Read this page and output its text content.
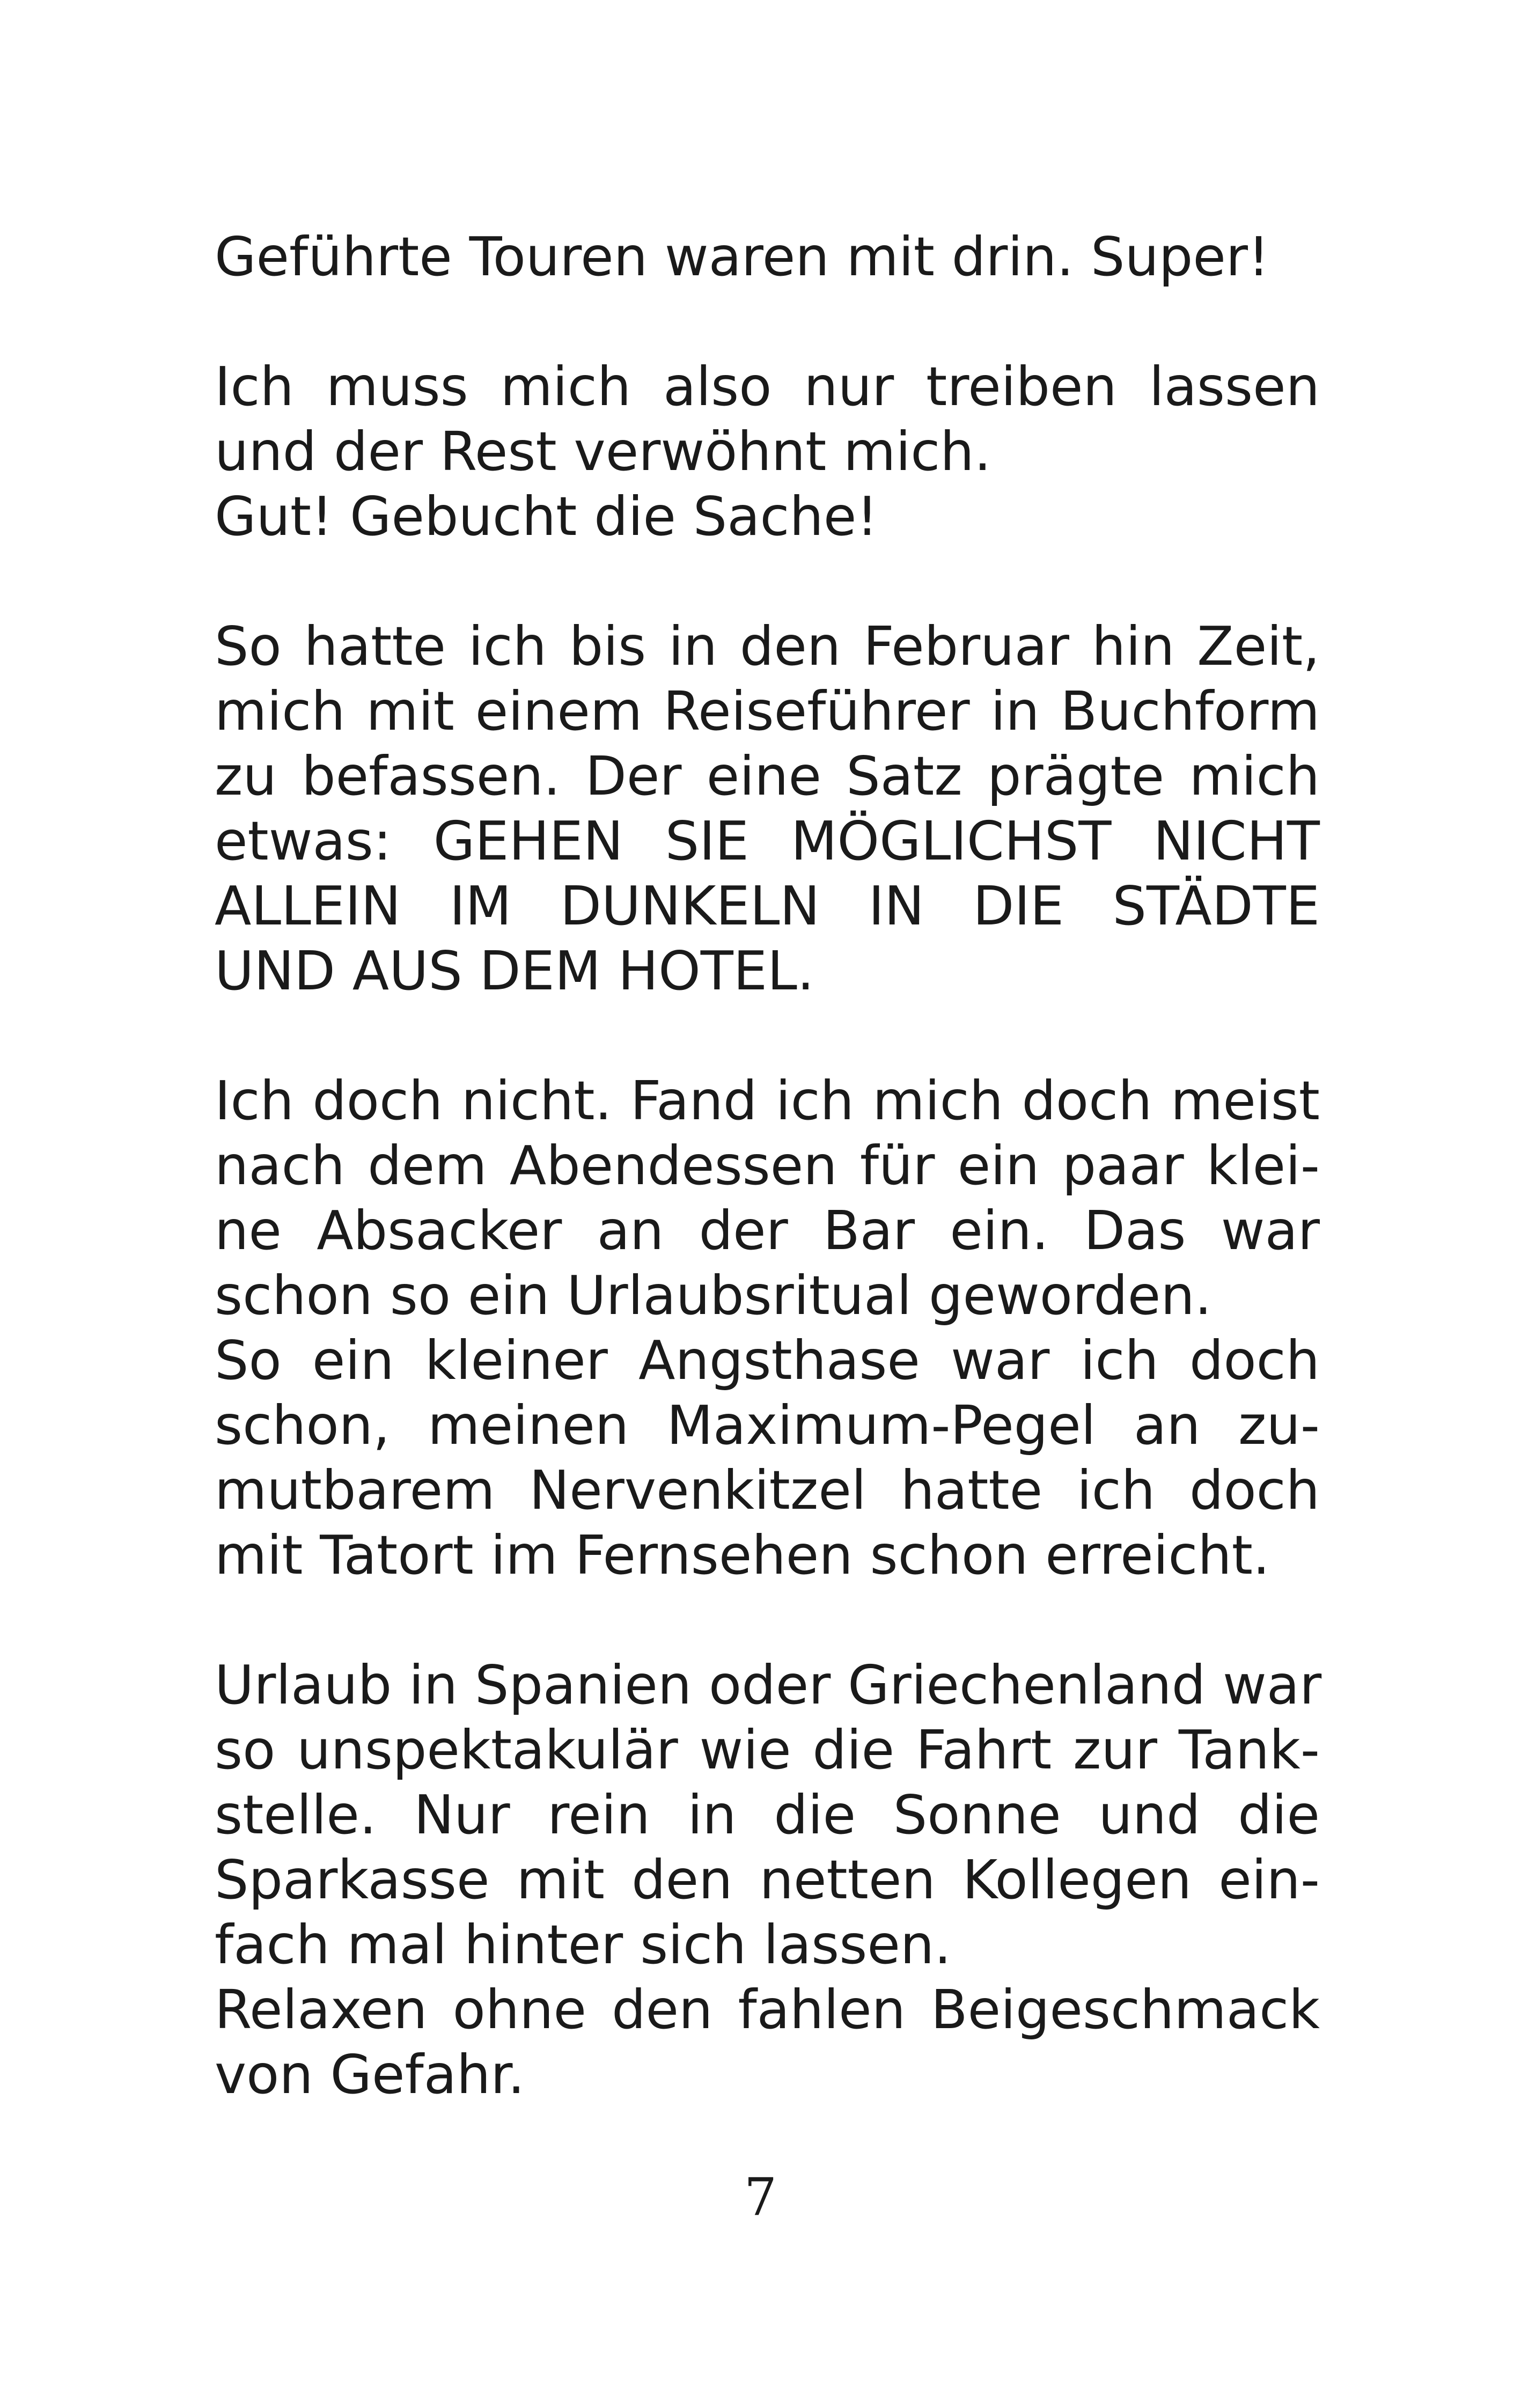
Geführte Touren waren mit drin. Super!
Ich muss mich also nur treiben lassen
und der Rest verwöhnt mich.
Gut! Gebucht die Sache!
So hatte ich bis in den Februar hin Zeit,
mich mit einem Reiseführer in Buchform
zu befassen. Der eine Satz prägte mich
etwas: GEHEN SIE MÖGLICHST NICHT
ALLEIN IM DUNKELN IN DIE STÄDTE
UND AUS DEM HOTEL.
Ich doch nicht. Fand ich mich doch meist
nach dem Abendessen für ein paar klei-
ne Absacker an der Bar ein. Das war
schon so ein Urlaubsritual geworden.
So ein kleiner Angsthase war ich doch
schon, meinen Maximum-Pegel an zu-
mutbarem Nervenkitzel hatte ich doch
mit Tatort im Fernsehen schon erreicht.
Urlaub in Spanien oder Griechenland war
so unspektakulär wie die Fahrt zur Tank-
stelle. Nur rein in die Sonne und die
Sparkasse mit den netten Kollegen ein-
fach mal hinter sich lassen.
Relaxen ohne den fahlen Beigeschmack
von Gefahr.
7
